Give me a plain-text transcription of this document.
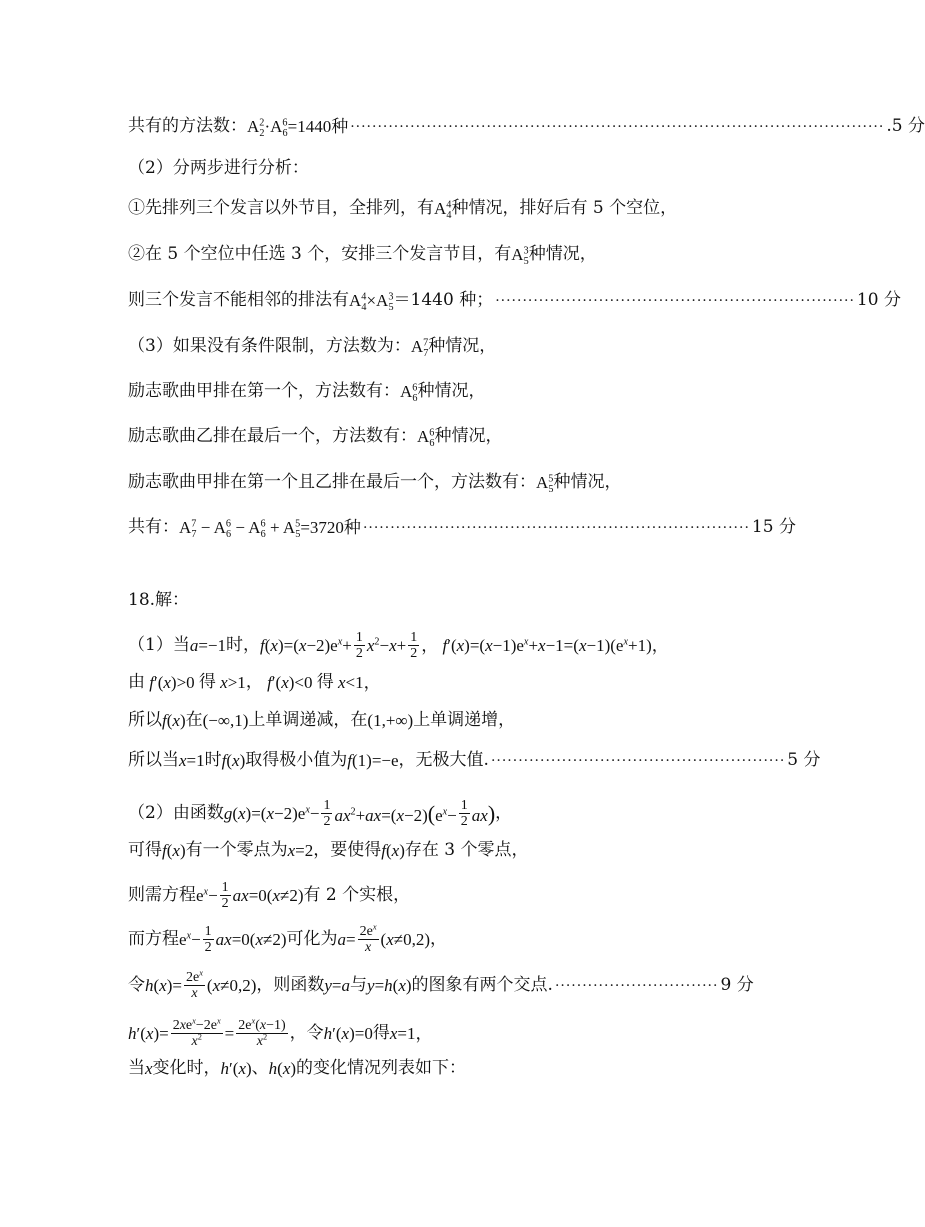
共有的方法数： $A^2_2\cdot A^6_6=1440$种 ·································································································· .5 分
（2）分两步进行分析：
①先排列三个发言以外节目，全排列，有 $A^4_4$ 种情况，排好后有 5 个空位，
②在 5 个空位中任选 3 个，安排三个发言节目，有 $A^3_5$ 种情况，
则三个发言不能相邻的排法有 $A^4_4\times A^3_5 =1440$ 种； ·································································· 10 分
（3）如果没有条件限制，方法数为： $A^7_7$ 种情况，
励志歌曲甲排在第一个，方法数有： $A^6_6$ 种情况，
励志歌曲乙排在最后一个，方法数有： $A^6_6$ 种情况，
励志歌曲甲排在第一个且乙排在最后一个，方法数有： $A^5_5$ 种情况，
共有： $A^7_7 - A^6_6 - A^6_6 + A^5_5 =3720$种 ······································································· 15 分
18.解：
（1）当 a =−1 时， $f(x)=(x-2)e^x+ \frac{1}{2} x^2-x+ \frac{1}{2}$ ， $f'(x)=(x-1)e^x+x-1=(x-1)(e^x+1)$，
由 f′(x)>0 得 x>1 ， f′(x)<0 得 x<1，
所以 f(x) 在 (−∞,1) 上单调递减，在 (1,+∞) 上单调递增，
所以当 x=1 时 f(x) 取得极小值为 f(1)=−e ，无极大值. ······················································ 5 分
（2）由函数 $g(x)=(x-2)e^x- \frac{1}{2} ax^2+ax=(x-2)(e^x- \frac{1}{2} ax)$ ，
可得 f(x) 有一个零点为 x=2 ，要使得 f(x) 存在 3 个零点，
则需方程 $e^x- \frac{1}{2} ax=0(x\ne 2)$ 有 2 个实根，
而方程 $e^x- \frac{1}{2} ax=0(x\ne 2)$ 可化为 $a= \frac{2e^x}{x} (x\ne 0,2)$ ，
令 $h(x)= \frac{2e^x}{x} (x\ne 0,2)$ ，则函数 y=a 与 y=h(x) 的图象有两个交点. ······························ 9 分
$h'(x)= \frac{2xe^x-2e^x}{x^2} = \frac{2e^x(x-1)}{x^2}$ ，令 h′(x)=0 得 x=1，
当 x 变化时， h′(x) 、 h(x) 的变化情况列表如下：
